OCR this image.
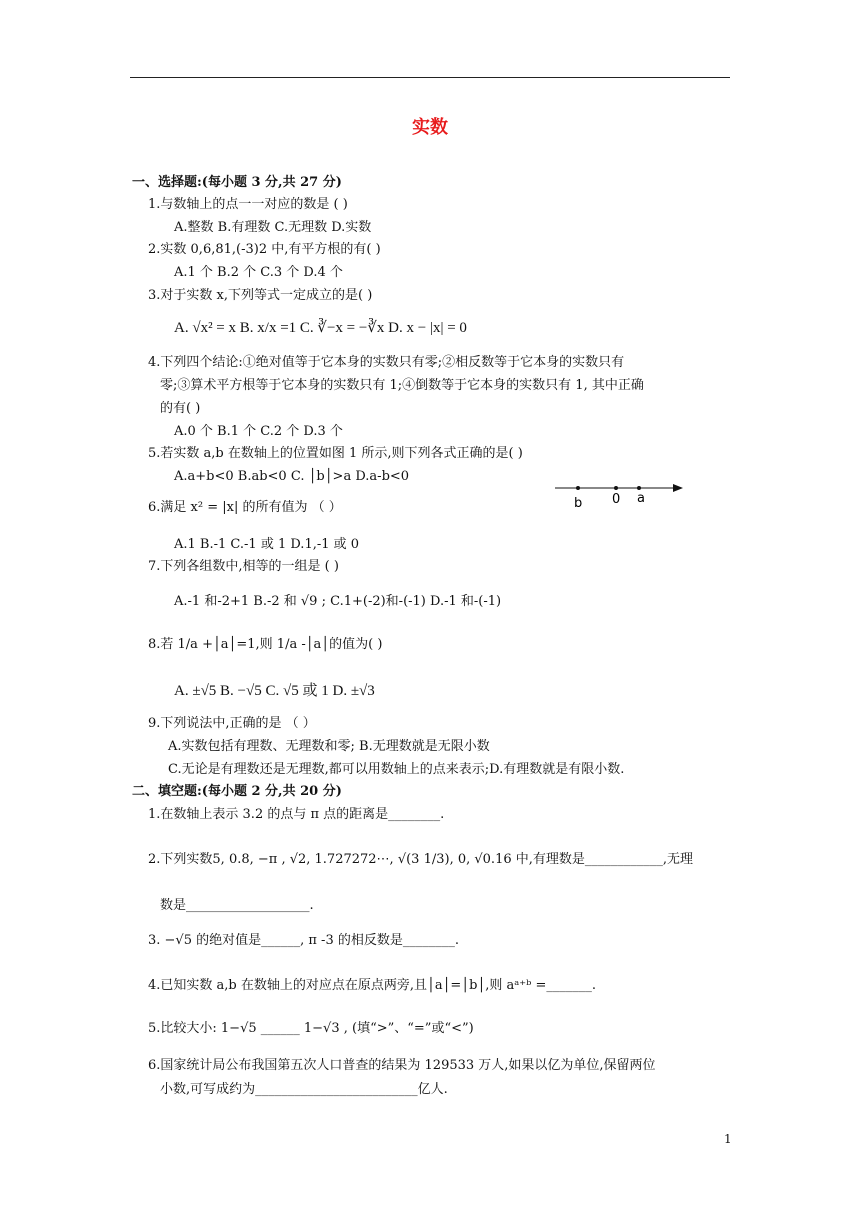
实数
一、选择题:(每小题 3 分,共 27 分)
1.与数轴上的点一一对应的数是 ( )
A.整数 B.有理数 C.无理数 D.实数
2.实数 0,6,81,(-3)2 中,有平方根的有( )
A.1 个 B.2 个 C.3 个 D.4 个
3.对于实数 x,下列等式一定成立的是( )
A. √x² = x B. x/x =1 C. ∛−x = −∛x D. x − |x| = 0
4.下列四个结论:①绝对值等于它本身的实数只有零;②相反数等于它本身的实数只有
零;③算术平方根等于它本身的实数只有 1;④倒数等于它本身的实数只有 1, 其中正确
的有( )
A.0 个 B.1 个 C.2 个 D.3 个
5.若实数 a,b 在数轴上的位置如图 1 所示,则下列各式正确的是( )
A.a+b<0 B.ab<0 C. │b│>a D.a-b<0
b 0 a
6.满足 x² = |x| 的所有值为 （ ）
A.1 B.-1 C.-1 或 1 D.1,-1 或 0
7.下列各组数中,相等的一组是 ( )
A.-1 和-2+1 B.-2 和 √9 ; C.1+(-2)和-(-1) D.-1 和-(-1)
8.若 1/a +│a│=1,则 1/a -│a│的值为( )
A. ±√5 B. −√5 C. √5 或 1 D. ±√3
9.下列说法中,正确的是 （ ）
A.实数包括有理数、无理数和零; B.无理数就是无限小数
C.无论是有理数还是无理数,都可以用数轴上的点来表示;D.有理数就是有限小数.
二、填空题:(每小题 2 分,共 20 分)
1.在数轴上表示 3.2 的点与 π 点的距离是________.
2.下列实数5, 0.8, −π , √2, 1.727272⋯, √(3 1/3), 0, √0.16 中,有理数是____________,无理
数是___________________.
3. −√5 的绝对值是______, π -3 的相反数是________.
4.已知实数 a,b 在数轴上的对应点在原点两旁,且│a│=│b│,则 aᵃ⁺ᵇ =_______.
5.比较大小: 1−√5 ______ 1−√3 , (填“>”、“=”或“<”)
6.国家统计局公布我国第五次人口普查的结果为 129533 万人,如果以亿为单位,保留两位
小数,可写成约为_________________________亿人.
1
